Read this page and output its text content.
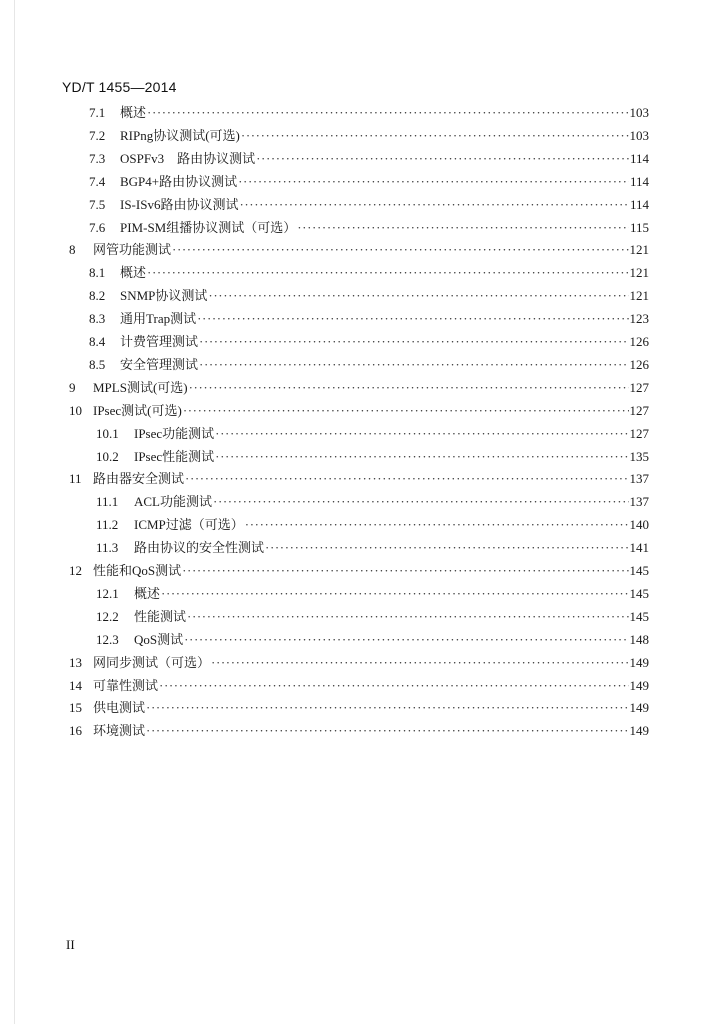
YD/T 1455—2014
7.1	概述 ·····	103
7.2	RIPng协议测试(可选) ·····	103
7.3	OSPFv3　路由协议测试 ·····	114
7.4	BGP4+路由协议测试 ·····	114
7.5	IS-ISv6路由协议测试 ·····	114
7.6	PIM-SM组播协议测试（可选） ·····	115
8	网管功能测试 ·····	121
8.1	概述 ·····	121
8.2	SNMP协议测试 ·····	121
8.3	通用Trap测试 ·····	123
8.4	计费管理测试 ·····	126
8.5	安全管理测试 ·····	126
9	MPLS测试(可选) ·····	127
10 IPsec测试(可选) ·····	127
10.1	IPsec功能测试 ·····	127
10.2	IPsec性能测试 ·····	135
11 路由器安全测试 ·····	137
11.1	ACL功能测试 ·····	137
11.2	ICMP过滤（可选） ·····	140
11.3	路由协议的安全性测试 ·····	141
12 性能和QoS测试 ·····	145
12.1	概述 ·····	145
12.2	性能测试 ·····	145
12.3	QoS测试 ·····	148
13 网同步测试（可选） ·····	149
14 可靠性测试 ·····	149
15 供电测试 ·····	149
16 环境测试 ·····	149
II
